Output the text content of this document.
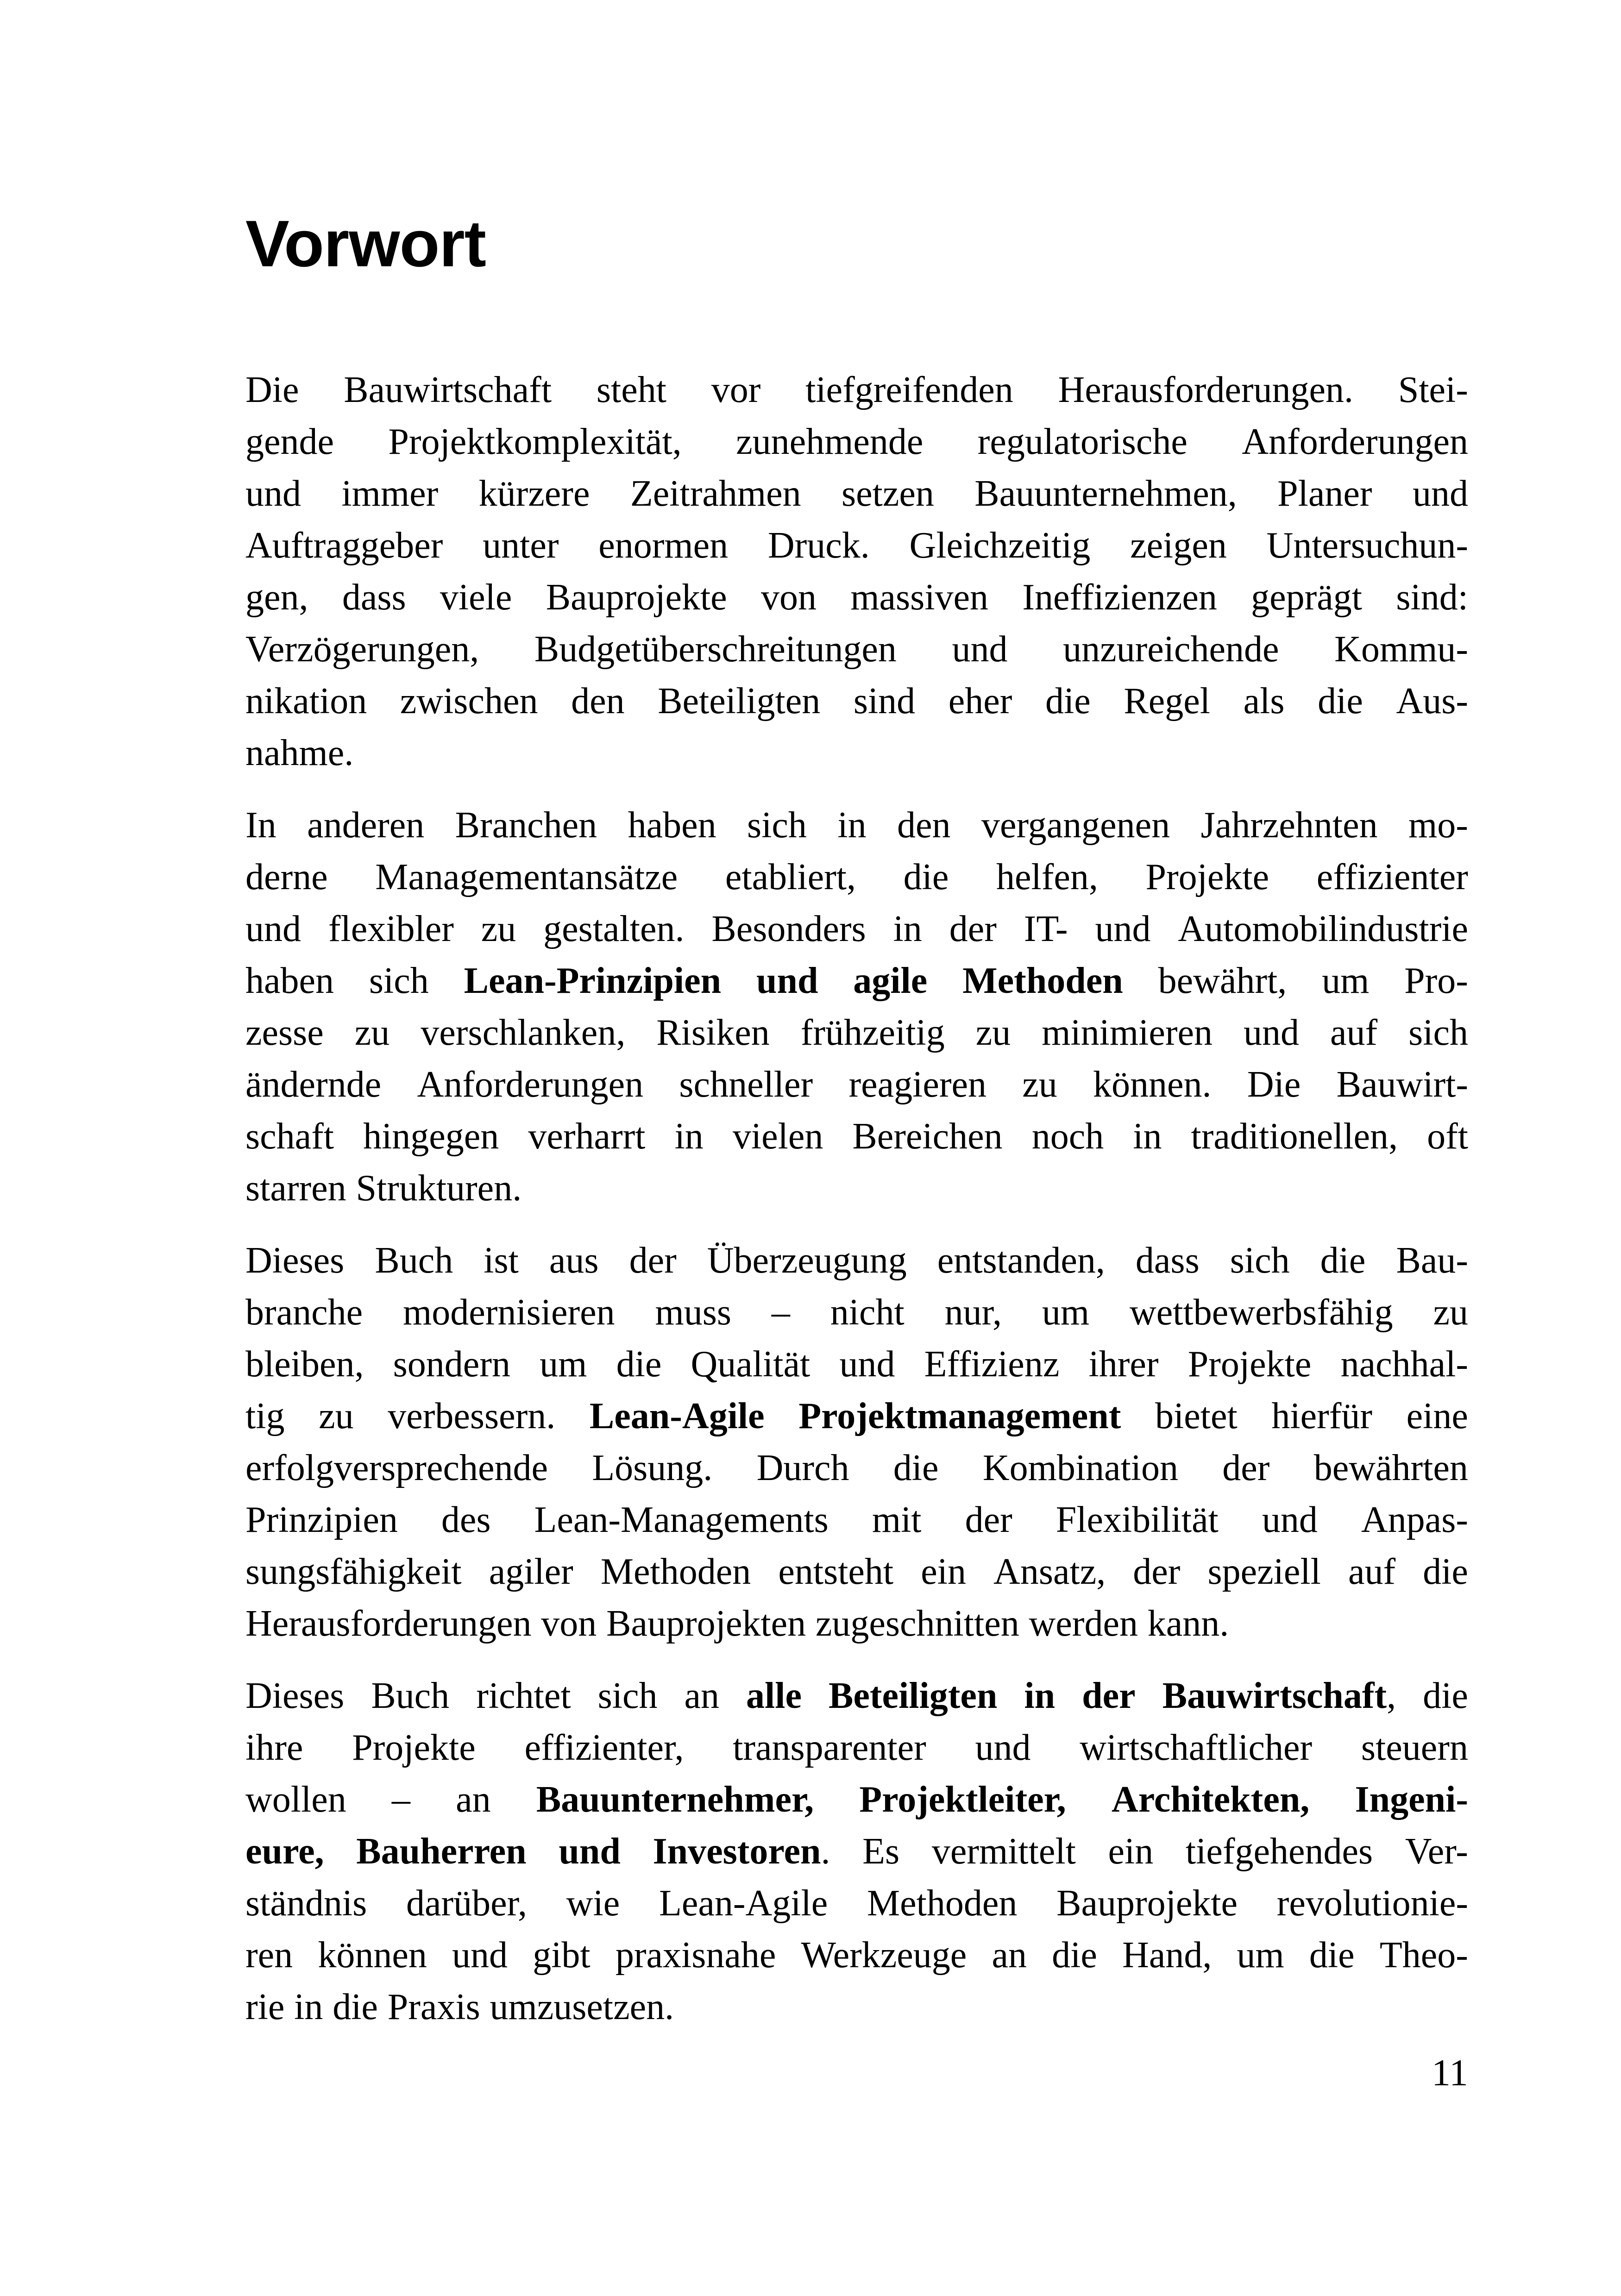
Vorwort
Die Bauwirtschaft steht vor tiefgreifenden Herausforderungen. Stei-
gende Projektkomplexität, zunehmende regulatorische Anforderungen
und immer kürzere Zeitrahmen setzen Bauunternehmen, Planer und
Auftraggeber unter enormen Druck. Gleichzeitig zeigen Untersuchun-
gen, dass viele Bauprojekte von massiven Ineffizienzen geprägt sind:
Verzögerungen, Budgetüberschreitungen und unzureichende Kommu-
nikation zwischen den Beteiligten sind eher die Regel als die Aus-
nahme.
In anderen Branchen haben sich in den vergangenen Jahrzehnten mo-
derne Managementansätze etabliert, die helfen, Projekte effizienter
und flexibler zu gestalten. Besonders in der IT- und Automobilindustrie
haben sich Lean-Prinzipien und agile Methoden bewährt, um Pro-
zesse zu verschlanken, Risiken frühzeitig zu minimieren und auf sich
ändernde Anforderungen schneller reagieren zu können. Die Bauwirt-
schaft hingegen verharrt in vielen Bereichen noch in traditionellen, oft
starren Strukturen.
Dieses Buch ist aus der Überzeugung entstanden, dass sich die Bau-
branche modernisieren muss – nicht nur, um wettbewerbsfähig zu
bleiben, sondern um die Qualität und Effizienz ihrer Projekte nachhal-
tig zu verbessern. Lean-Agile Projektmanagement bietet hierfür eine
erfolgversprechende Lösung. Durch die Kombination der bewährten
Prinzipien des Lean-Managements mit der Flexibilität und Anpas-
sungsfähigkeit agiler Methoden entsteht ein Ansatz, der speziell auf die
Herausforderungen von Bauprojekten zugeschnitten werden kann.
Dieses Buch richtet sich an alle Beteiligten in der Bauwirtschaft, die
ihre Projekte effizienter, transparenter und wirtschaftlicher steuern
wollen – an Bauunternehmer, Projektleiter, Architekten, Ingeni-
eure, Bauherren und Investoren. Es vermittelt ein tiefgehendes Ver-
ständnis darüber, wie Lean-Agile Methoden Bauprojekte revolutionie-
ren können und gibt praxisnahe Werkzeuge an die Hand, um die Theo-
rie in die Praxis umzusetzen.
11
